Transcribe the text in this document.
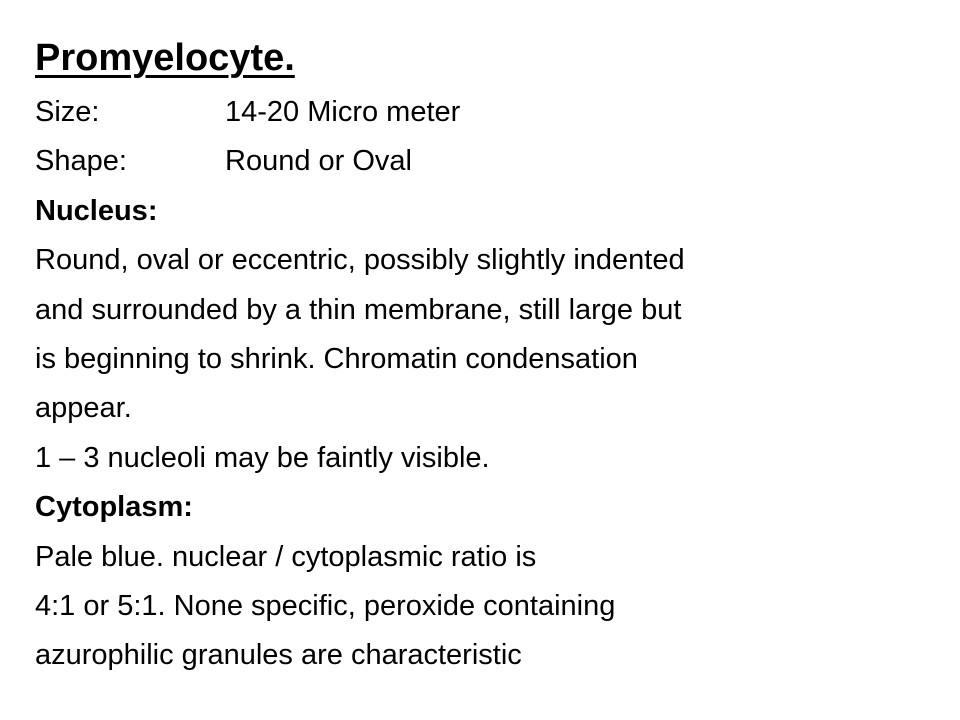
Promyelocyte.
Size:	14-20 Micro meter
Shape:	Round or Oval
Nucleus:
Round, oval or eccentric, possibly slightly indented
and surrounded by a thin membrane, still large but
is beginning to shrink. Chromatin condensation
appear.
1 – 3 nucleoli may be faintly visible.
Cytoplasm:
Pale blue. nuclear / cytoplasmic ratio is
4:1 or 5:1. None specific, peroxide containing
azurophilic granules are characteristic
